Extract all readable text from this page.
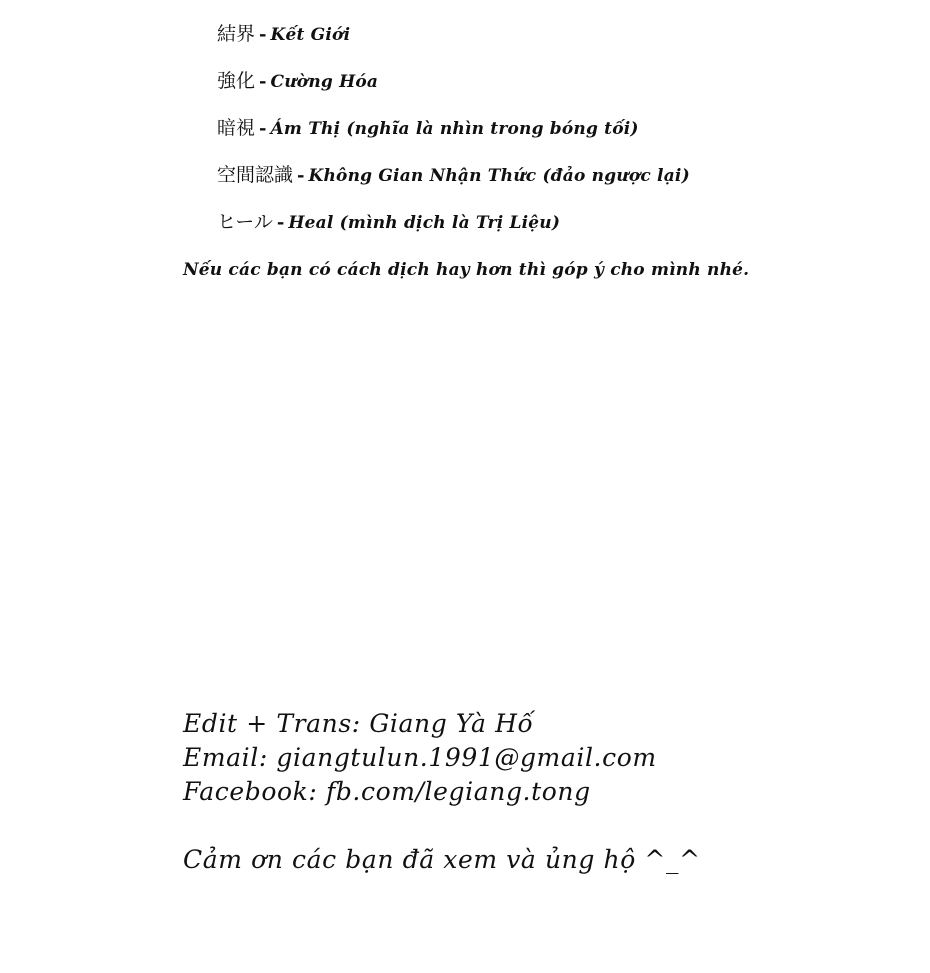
結界 - Kết Giới
強化 - Cường Hóa
暗視 - Ám Thị (nghĩa là nhìn trong bóng tối)
空間認識 - Không Gian Nhận Thức (đảo ngược lại)
ヒール - Heal (mình dịch là Trị Liệu)
Nếu các bạn có cách dịch hay hơn thì góp ý cho mình nhé.
Edit + Trans: Giang Yà Hố
Email: giangtulun.1991@gmail.com
Facebook: fb.com/legiang.tong
Cảm ơn các bạn đã xem và ủng hộ ^_^
